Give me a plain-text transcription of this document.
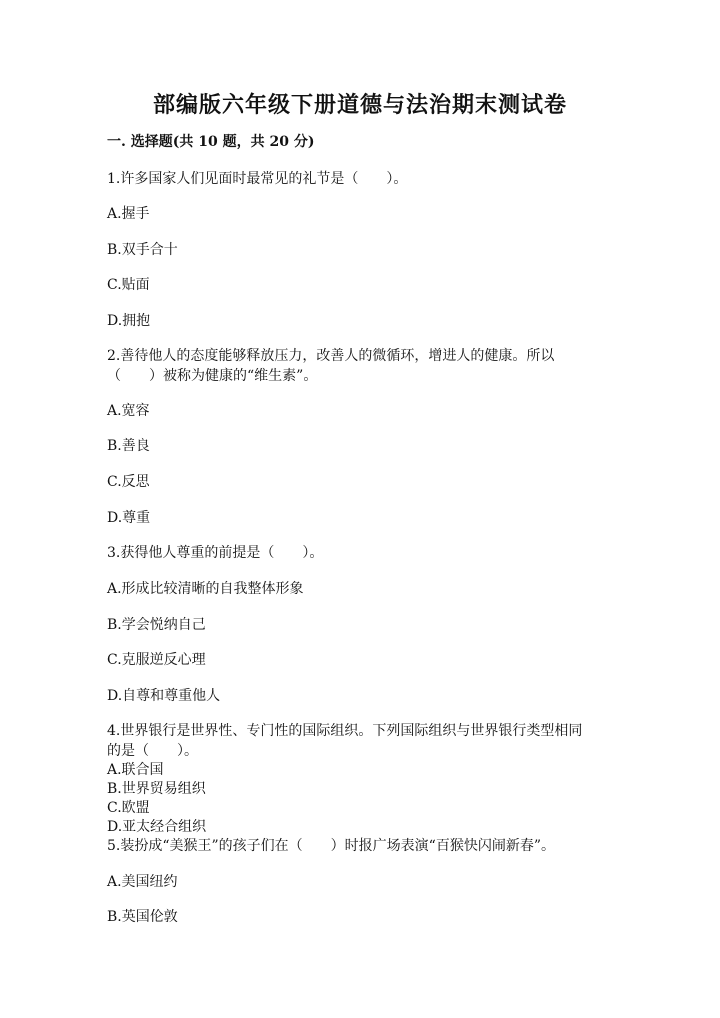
部编版六年级下册道德与法治期末测试卷
一. 选择题(共 10 题，共 20 分)
1.许多国家人们见面时最常见的礼节是（　　）。
A.握手
B.双手合十
C.贴面
D.拥抱
2.善待他人的态度能够释放压力，改善人的微循环，增进人的健康。所以
（　　）被称为健康的“维生素”。
A.宽容
B.善良
C.反思
D.尊重
3.获得他人尊重的前提是（　　）。
A.形成比较清晰的自我整体形象
B.学会悦纳自己
C.克服逆反心理
D.自尊和尊重他人
4.世界银行是世界性、专门性的国际组织。下列国际组织与世界银行类型相同
的是（　　）。
A.联合国
B.世界贸易组织
C.欧盟
D.亚太经合组织
5.装扮成“美猴王”的孩子们在（　　）时报广场表演“百猴快闪闹新春”。
A.美国纽约
B.英国伦敦
